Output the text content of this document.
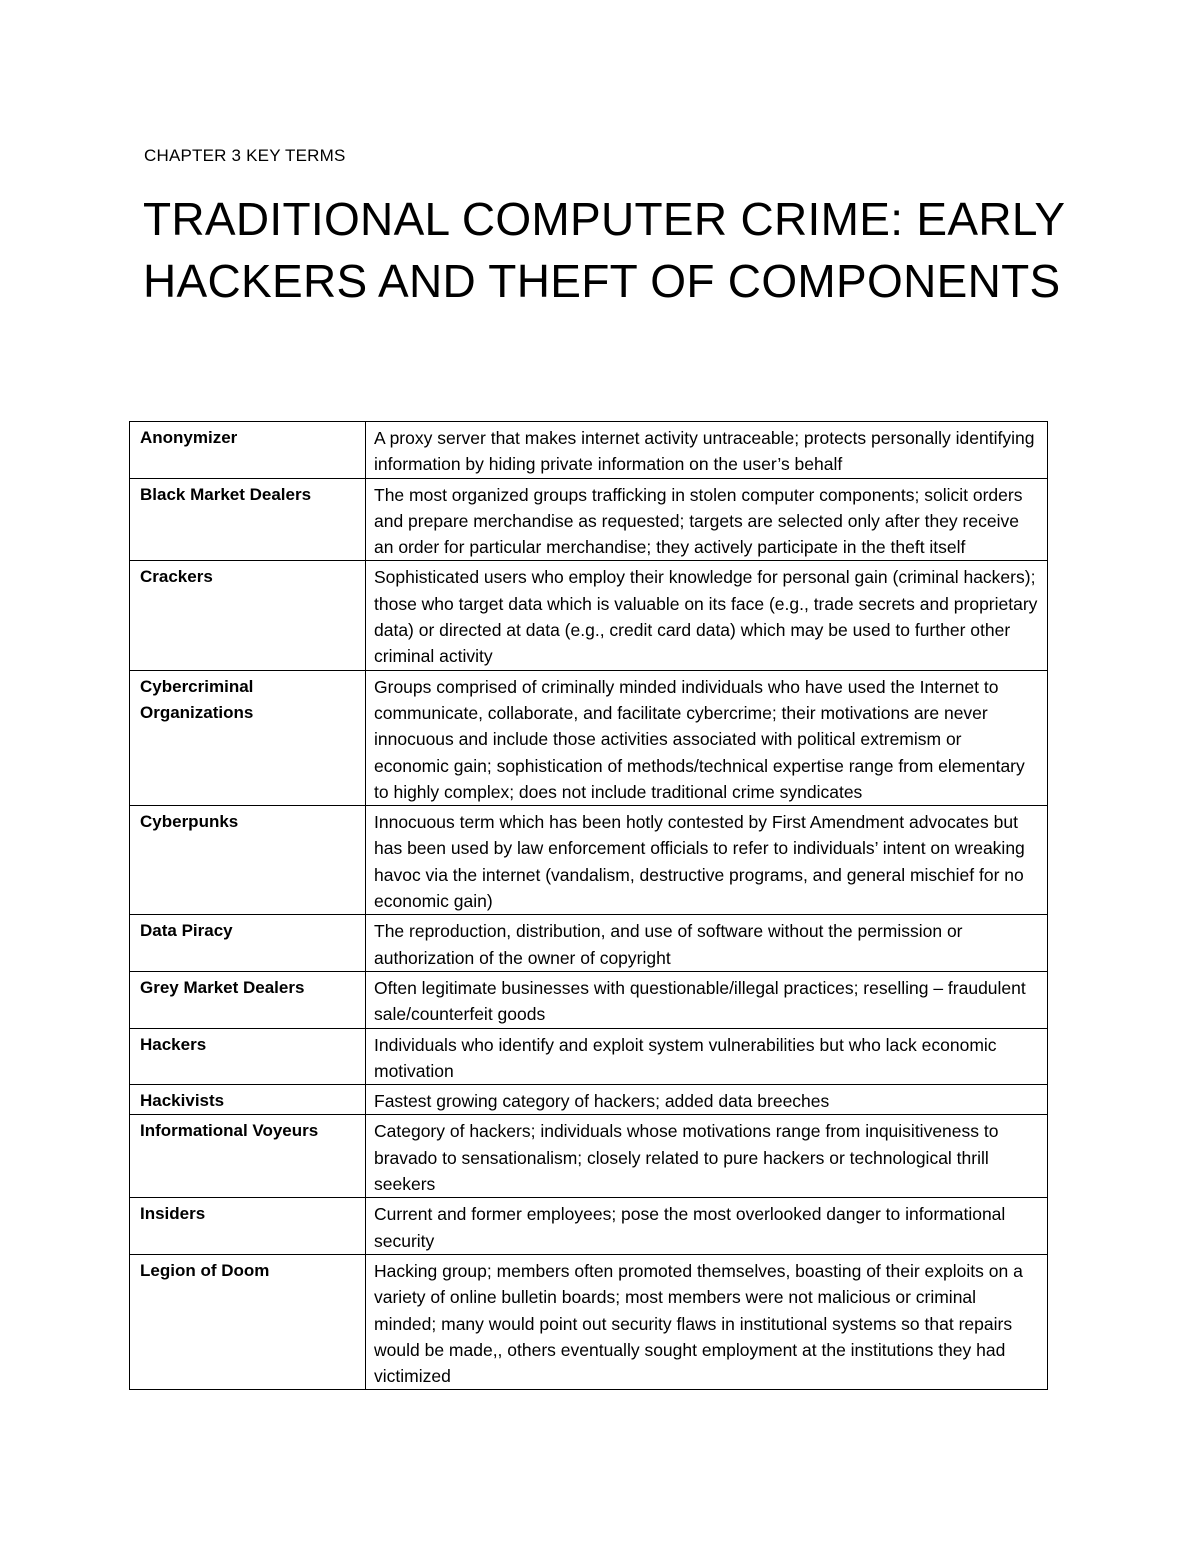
CHAPTER 3 KEY TERMS
TRADITIONAL COMPUTER CRIME: EARLY HACKERS AND THEFT OF COMPONENTS
Anonymizer	A proxy server that makes internet activity untraceable; protects personally identifying information by hiding private information on the user’s behalf
Black Market Dealers	The most organized groups trafficking in stolen computer components; solicit orders and prepare merchandise as requested; targets are selected only after they receive an order for particular merchandise; they actively participate in the theft itself
Crackers	Sophisticated users who employ their knowledge for personal gain (criminal hackers); those who target data which is valuable on its face (e.g., trade secrets and proprietary data) or directed at data (e.g., credit card data) which may be used to further other criminal activity
Cybercriminal Organizations	Groups comprised of criminally minded individuals who have used the Internet to communicate, collaborate, and facilitate cybercrime; their motivations are never innocuous and include those activities associated with political extremism or economic gain; sophistication of methods/technical expertise range from elementary to highly complex; does not include traditional crime syndicates
Cyberpunks	Innocuous term which has been hotly contested by First Amendment advocates but has been used by law enforcement officials to refer to individuals’ intent on wreaking havoc via the internet (vandalism, destructive programs, and general mischief for no economic gain)
Data Piracy	The reproduction, distribution, and use of software without the permission or authorization of the owner of copyright
Grey Market Dealers	Often legitimate businesses with questionable/illegal practices; reselling – fraudulent sale/counterfeit goods
Hackers	Individuals who identify and exploit system vulnerabilities but who lack economic motivation
Hackivists	Fastest growing category of hackers; added data breeches
Informational Voyeurs	Category of hackers; individuals whose motivations range from inquisitiveness to bravado to sensationalism; closely related to pure hackers or technological thrill seekers
Insiders	Current and former employees; pose the most overlooked danger to informational security
Legion of Doom	Hacking group; members often promoted themselves, boasting of their exploits on a variety of online bulletin boards; most members were not malicious or criminal minded; many would point out security flaws in institutional systems so that repairs would be made,, others eventually sought employment at the institutions they had victimized
